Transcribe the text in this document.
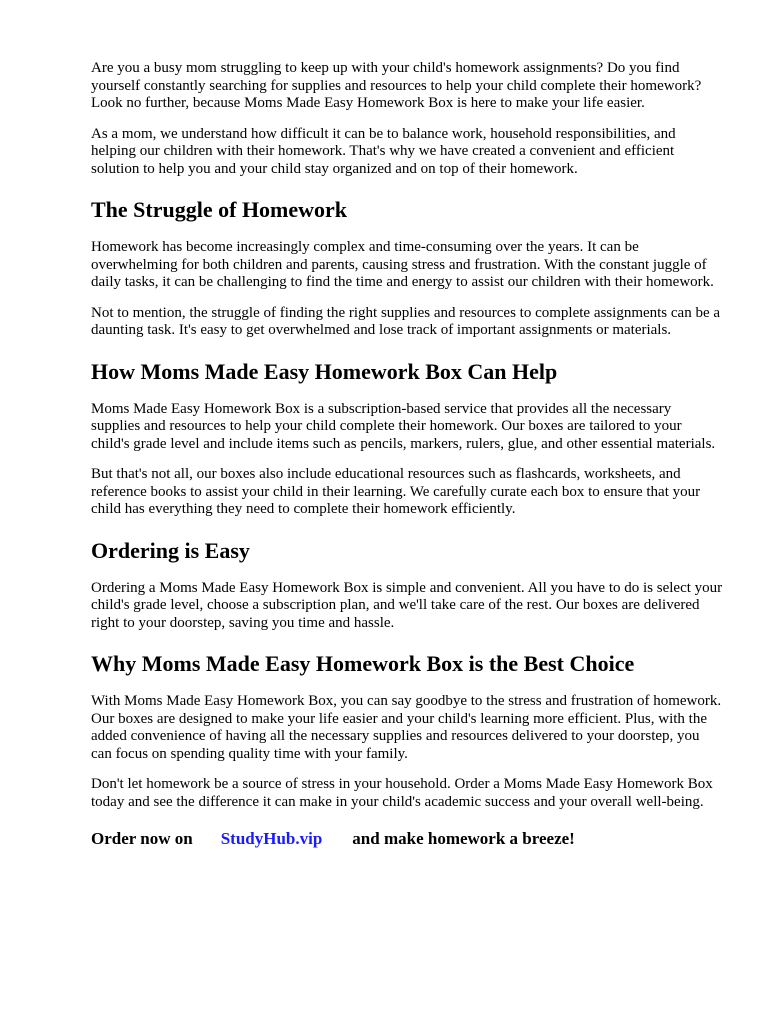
Are you a busy mom struggling to keep up with your child's homework assignments? Do you find yourself constantly searching for supplies and resources to help your child complete their homework? Look no further, because Moms Made Easy Homework Box is here to make your life easier.

As a mom, we understand how difficult it can be to balance work, household responsibilities, and helping our children with their homework. That's why we have created a convenient and efficient solution to help you and your child stay organized and on top of their homework.

The Struggle of Homework

Homework has become increasingly complex and time-consuming over the years. It can be overwhelming for both children and parents, causing stress and frustration. With the constant juggle of daily tasks, it can be challenging to find the time and energy to assist our children with their homework.

Not to mention, the struggle of finding the right supplies and resources to complete assignments can be a daunting task. It's easy to get overwhelmed and lose track of important assignments or materials.

How Moms Made Easy Homework Box Can Help

Moms Made Easy Homework Box is a subscription-based service that provides all the necessary supplies and resources to help your child complete their homework. Our boxes are tailored to your child's grade level and include items such as pencils, markers, rulers, glue, and other essential materials.

But that's not all, our boxes also include educational resources such as flashcards, worksheets, and reference books to assist your child in their learning. We carefully curate each box to ensure that your child has everything they need to complete their homework efficiently.

Ordering is Easy

Ordering a Moms Made Easy Homework Box is simple and convenient. All you have to do is select your child's grade level, choose a subscription plan, and we'll take care of the rest. Our boxes are delivered right to your doorstep, saving you time and hassle.

Why Moms Made Easy Homework Box is the Best Choice

With Moms Made Easy Homework Box, you can say goodbye to the stress and frustration of homework. Our boxes are designed to make your life easier and your child's learning more efficient. Plus, with the added convenience of having all the necessary supplies and resources delivered to your doorstep, you can focus on spending quality time with your family.

Don't let homework be a source of stress in your household. Order a Moms Made Easy Homework Box today and see the difference it can make in your child's academic success and your overall well-being.

Order now on StudyHub.vip and make homework a breeze!
